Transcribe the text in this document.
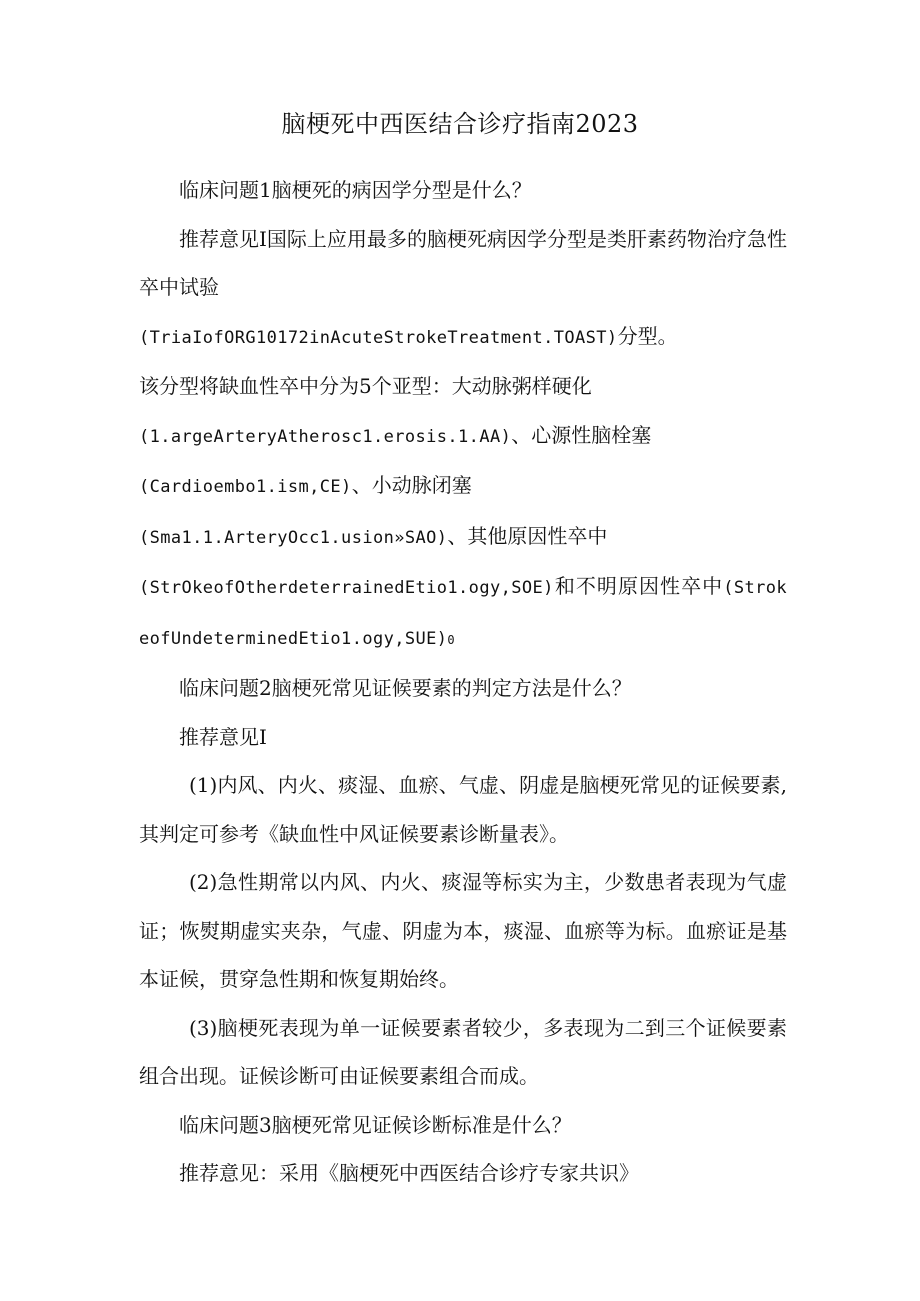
脑梗死中西医结合诊疗指南2023

临床问题1脑梗死的病因学分型是什么？

推荐意见I国际上应用最多的脑梗死病因学分型是类肝素药物治疗急性卒中试验
(TriaIofORG10172inAcuteStrokeTreatment.TOAST)分型。
该分型将缺血性卒中分为5个亚型：大动脉粥样硬化
(1.argeArteryAtherosc1.erosis.1.AA)、心源性脑栓塞
(Cardioembo1.ism,CE)、小动脉闭塞
(Sma1.1.ArteryOcc1.usion»SAO)、其他原因性卒中
(StrOkeofOtherdeterrainedEtio1.ogy,SOE)和不明原因性卒中(StrokeofUndeterminedEtio1.ogy,SUE)0

临床问题2脑梗死常见证候要素的判定方法是什么？

推荐意见I

(1)内风、内火、痰湿、血瘀、气虚、阴虚是脑梗死常见的证候要素,其判定可参考《缺血性中风证候要素诊断量表》。

(2)急性期常以内风、内火、痰湿等标实为主，少数患者表现为气虚证；恢熨期虚实夹杂，气虚、阴虚为本，痰湿、血瘀等为标。血瘀证是基本证候，贯穿急性期和恢复期始终。

(3)脑梗死表现为单一证候要素者较少，多表现为二到三个证候要素组合出现。证候诊断可由证候要素组合而成。

临床问题3脑梗死常见证候诊断标准是什么？

推荐意见：采用《脑梗死中西医结合诊疗专家共识》
